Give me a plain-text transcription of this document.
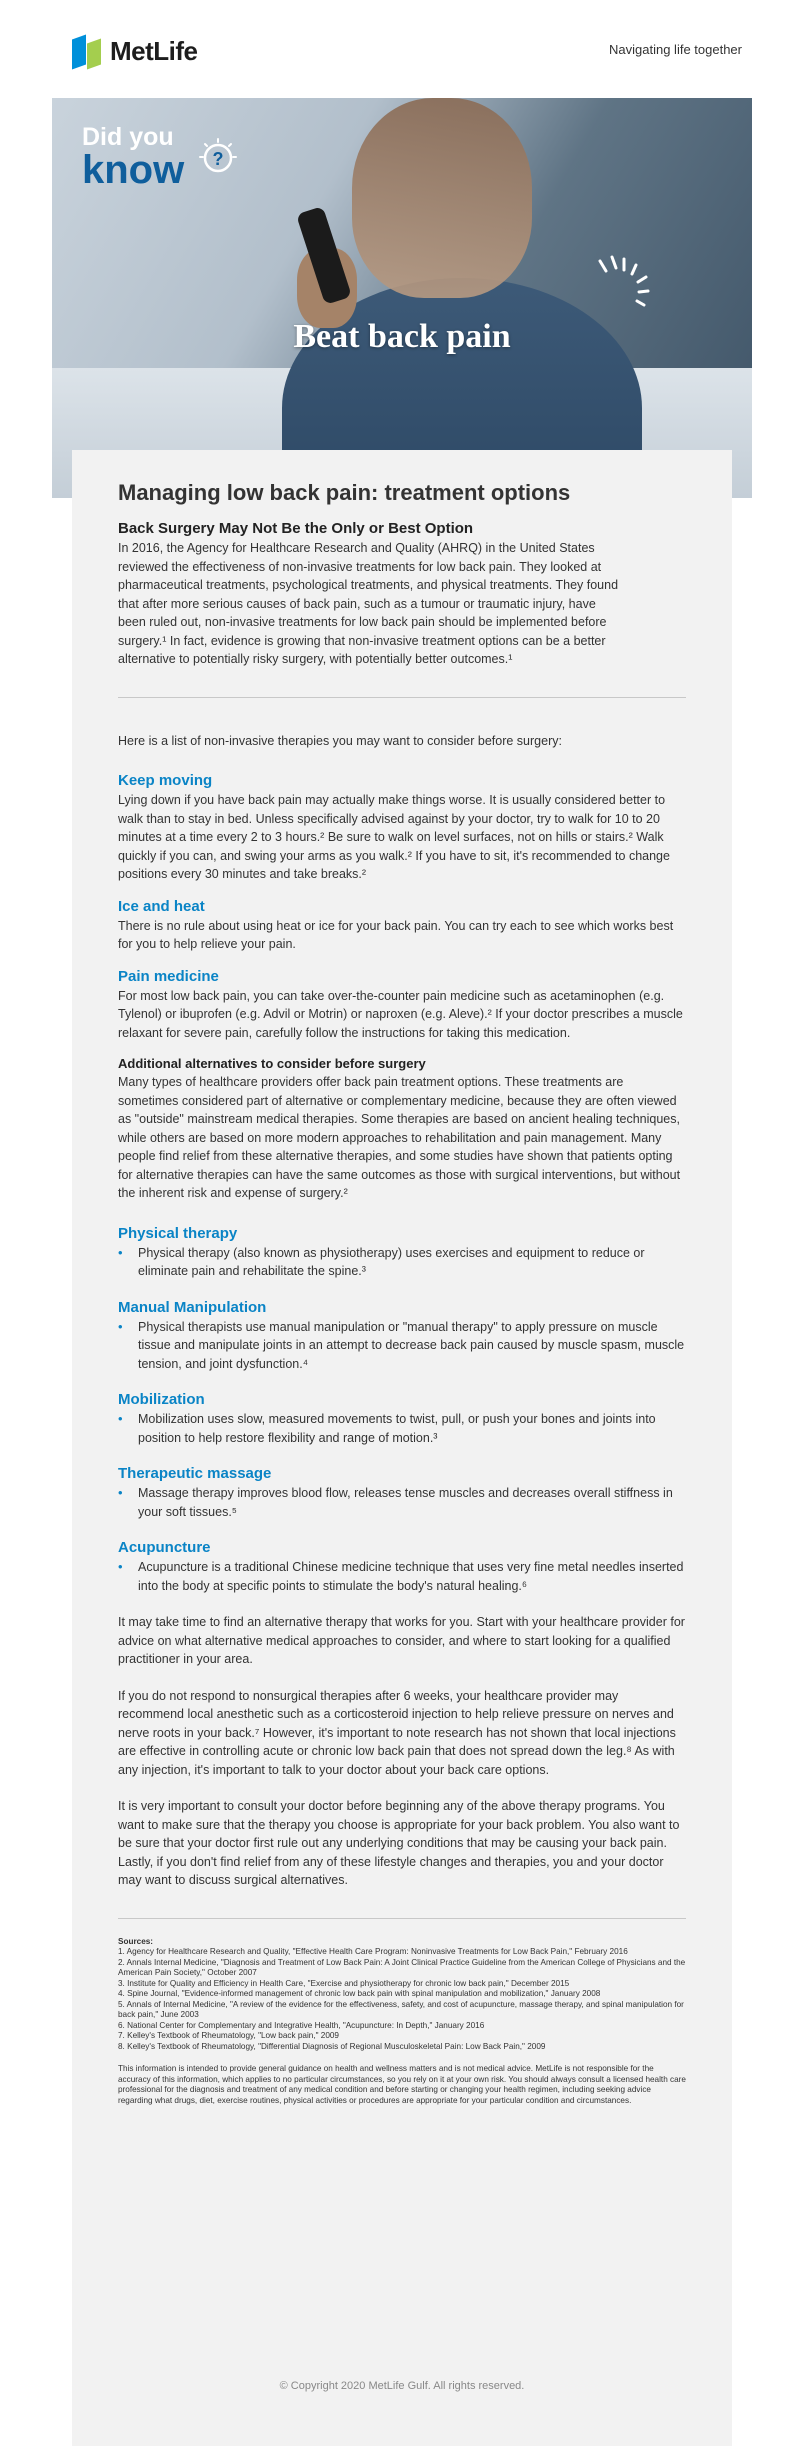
MetLife	Navigating life together
Beat back pain
Did you
know ?
Managing low back pain: treatment options
Back Surgery May Not Be the Only or Best Option

In 2016, the Agency for Healthcare Research and Quality (AHRQ) in the United States reviewed the effectiveness of non-invasive treatments for low back pain. They looked at pharmaceutical treatments, psychological treatments, and physical treatments. They found that after more serious causes of back pain, such as a tumour or traumatic injury, have been ruled out, non-invasive treatments for low back pain should be implemented before surgery.¹ In fact, evidence is growing that non-invasive treatment options can be a better alternative to potentially risky surgery, with potentially better outcomes.¹

Here is a list of non-invasive therapies you may want to consider before surgery:

Keep moving

Lying down if you have back pain may actually make things worse. It is usually considered better to walk than to stay in bed. Unless specifically advised against by your doctor, try to walk for 10 to 20 minutes at a time every 2 to 3 hours.² Be sure to walk on level surfaces, not on hills or stairs.² Walk quickly if you can, and swing your arms as you walk.² If you have to sit, it's recommended to change positions every 30 minutes and take breaks.²

Ice and heat

There is no rule about using heat or ice for your back pain. You can try each to see which works best for you to help relieve your pain.

Pain medicine

For most low back pain, you can take over-the-counter pain medicine such as acetaminophen (e.g. Tylenol) or ibuprofen (e.g. Advil or Motrin) or naproxen (e.g. Aleve).² If your doctor prescribes a muscle relaxant for severe pain, carefully follow the instructions for taking this medication.

Additional alternatives to consider before surgery

Many types of healthcare providers offer back pain treatment options. These treatments are sometimes considered part of alternative or complementary medicine, because they are often viewed as "outside" mainstream medical therapies. Some therapies are based on ancient healing techniques, while others are based on more modern approaches to rehabilitation and pain management. Many people find relief from these alternative therapies, and some studies have shown that patients opting for alternative therapies can have the same outcomes as those with surgical interventions, but without the inherent risk and expense of surgery.²

Physical therapy
• Physical therapy (also known as physiotherapy) uses exercises and equipment to reduce or eliminate pain and rehabilitate the spine.³
Manual Manipulation
• Physical therapists use manual manipulation or "manual therapy" to apply pressure on muscle tissue and manipulate joints in an attempt to decrease back pain caused by muscle spasm, muscle tension, and joint dysfunction.⁴
Mobilization
• Mobilization uses slow, measured movements to twist, pull, or push your bones and joints into position to help restore flexibility and range of motion.³
Therapeutic massage
• Massage therapy improves blood flow, releases tense muscles and decreases overall stiffness in your soft tissues.⁵
Acupuncture
• Acupuncture is a traditional Chinese medicine technique that uses very fine metal needles inserted into the body at specific points to stimulate the body's natural healing.⁶

It may take time to find an alternative therapy that works for you. Start with your healthcare provider for advice on what alternative medical approaches to consider, and where to start looking for a qualified practitioner in your area.

If you do not respond to nonsurgical therapies after 6 weeks, your healthcare provider may recommend local anesthetic such as a corticosteroid injection to help relieve pressure on nerves and nerve roots in your back.⁷ However, it's important to note research has not shown that local injections are effective in controlling acute or chronic low back pain that does not spread down the leg.⁸ As with any injection, it's important to talk to your doctor about your back care options.

It is very important to consult your doctor before beginning any of the above therapy programs. You want to make sure that the therapy you choose is appropriate for your back problem. You also want to be sure that your doctor first rule out any underlying conditions that may be causing your back pain. Lastly, if you don't find relief from any of these lifestyle changes and therapies, you and your doctor may want to discuss surgical alternatives.

Sources:
1. Agency for Healthcare Research and Quality, "Effective Health Care Program: Noninvasive Treatments for Low Back Pain," February 2016
2. Annals Internal Medicine, "Diagnosis and Treatment of Low Back Pain: A Joint Clinical Practice Guideline from the American College of Physicians and the American Pain Society," October 2007
3. Institute for Quality and Efficiency in Health Care, "Exercise and physiotherapy for chronic low back pain," December 2015
4. Spine Journal, "Evidence-informed management of chronic low back pain with spinal manipulation and mobilization," January 2008
5. Annals of Internal Medicine, "A review of the evidence for the effectiveness, safety, and cost of acupuncture, massage therapy, and spinal manipulation for back pain," June 2003
6. National Center for Complementary and Integrative Health, "Acupuncture: In Depth," January 2016
7. Kelley's Textbook of Rheumatology, "Low back pain," 2009
8. Kelley's Textbook of Rheumatology, "Differential Diagnosis of Regional Musculoskeletal Pain: Low Back Pain," 2009
This information is intended to provide general guidance on health and wellness matters and is not medical advice. MetLife is not responsible for the accuracy of this information, which applies to no particular circumstances, so you rely on it at your own risk. You should always consult a licensed health care professional for the diagnosis and treatment of any medical condition and before starting or changing your health regimen, including seeking advice regarding what drugs, diet, exercise routines, physical activities or procedures are appropriate for your particular condition and circumstances.
© Copyright 2020 MetLife Gulf. All rights reserved.
